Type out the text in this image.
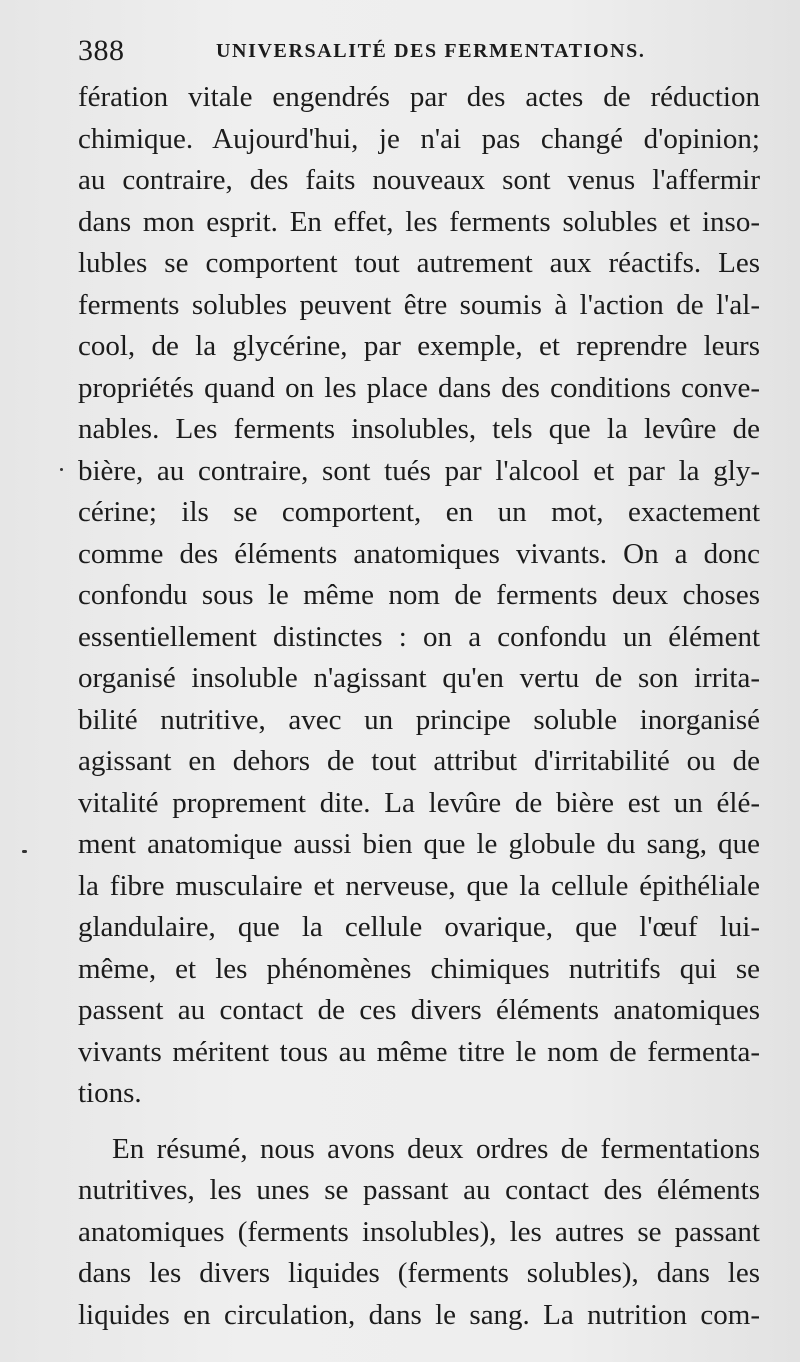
388	UNIVERSALITÉ DES FERMENTATIONS.
fération vitale engendrés par des actes de réduction
chimique. Aujourd'hui, je n'ai pas changé d'opinion;
au contraire, des faits nouveaux sont venus l'affermir
dans mon esprit. En effet, les ferments solubles et inso-
lubles se comportent tout autrement aux réactifs. Les
ferments solubles peuvent être soumis à l'action de l'al-
cool, de la glycérine, par exemple, et reprendre leurs
propriétés quand on les place dans des conditions conve-
nables. Les ferments insolubles, tels que la levûre de
bière, au contraire, sont tués par l'alcool et par la gly-
cérine; ils se comportent, en un mot, exactement
comme des éléments anatomiques vivants. On a donc
confondu sous le même nom de ferments deux choses
essentiellement distinctes : on a confondu un élément
organisé insoluble n'agissant qu'en vertu de son irrita-
bilité nutritive, avec un principe soluble inorganisé
agissant en dehors de tout attribut d'irritabilité ou de
vitalité proprement dite. La levûre de bière est un élé-
ment anatomique aussi bien que le globule du sang, que
la fibre musculaire et nerveuse, que la cellule épithéliale
glandulaire, que la cellule ovarique, que l'œuf lui-
même, et les phénomènes chimiques nutritifs qui se
passent au contact de ces divers éléments anatomiques
vivants méritent tous au même titre le nom de fermenta-
tions.
En résumé, nous avons deux ordres de fermentations
nutritives, les unes se passant au contact des éléments
anatomiques (ferments insolubles), les autres se passant
dans les divers liquides (ferments solubles), dans les
liquides en circulation, dans le sang. La nutrition com-
